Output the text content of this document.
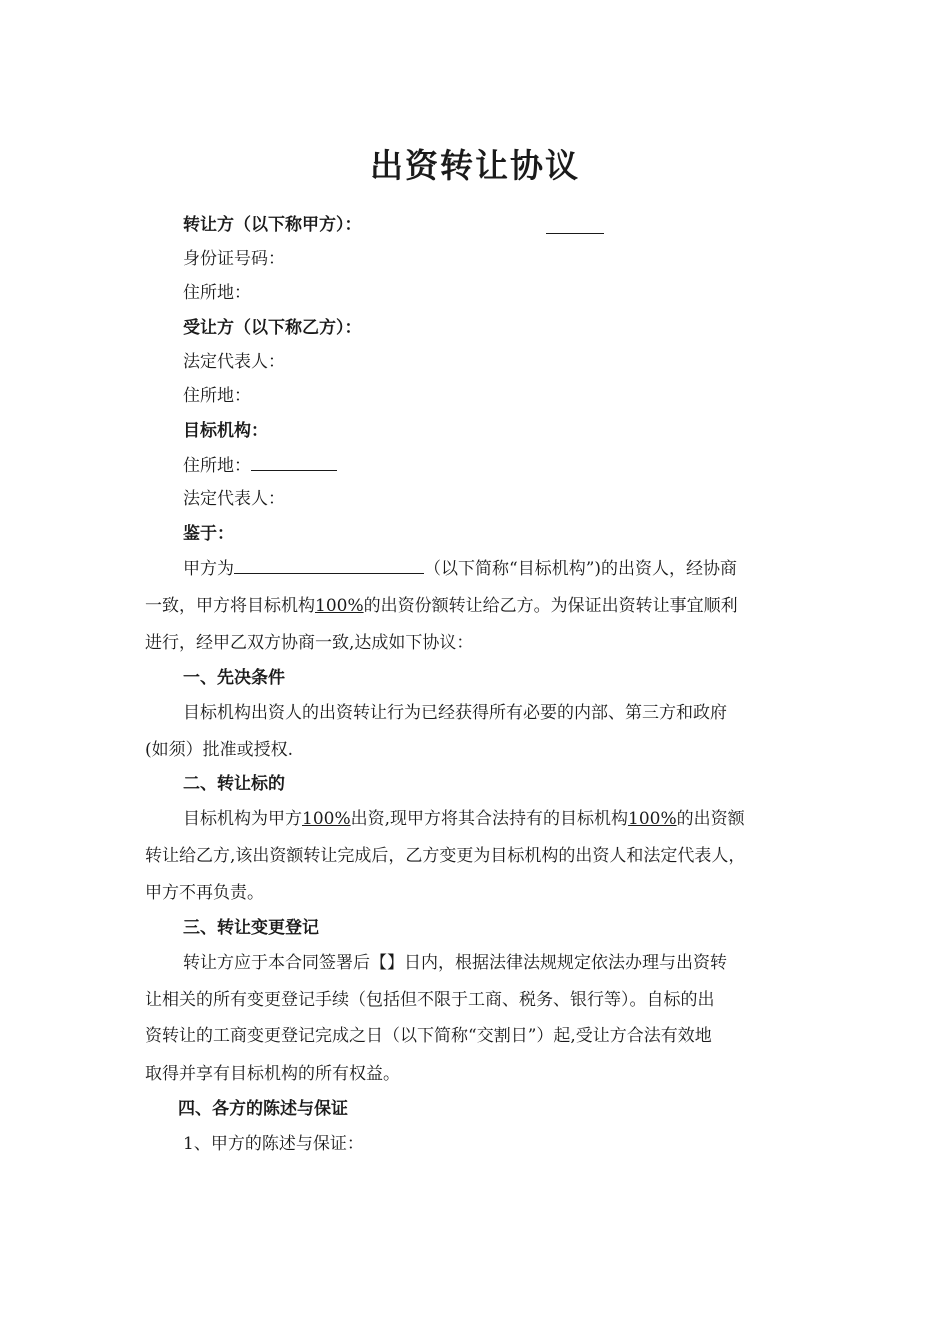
出资转让协议
转让方（以下称甲方）：
身份证号码：
住所地：
受让方（以下称乙方）：
法定代表人：
住所地：
目标机构：
住所地：
法定代表人：
鉴于：
甲方为	（以下简称“目标机构”)的出资人，经协商
一致，甲方将目标机构100%的出资份额转让给乙方。为保证出资转让事宜顺利
进行，经甲乙双方协商一致,达成如下协议：
一、先决条件
目标机构出资人的出资转让行为已经获得所有必要的内部、第三方和政府
(如须）批准或授权.
二、转让标的
目标机构为甲方100%出资,现甲方将其合法持有的目标机构100%的出资额
转让给乙方,该出资额转让完成后，乙方变更为目标机构的出资人和法定代表人，
甲方不再负责。
三、转让变更登记
转让方应于本合同签署后【】日内，根据法律法规规定依法办理与出资转
让相关的所有变更登记手续（包括但不限于工商、税务、银行等）。自标的出
资转让的工商变更登记完成之日（以下简称“交割日”）起,受让方合法有效地
取得并享有目标机构的所有权益。
四、各方的陈述与保证
1、甲方的陈述与保证：
